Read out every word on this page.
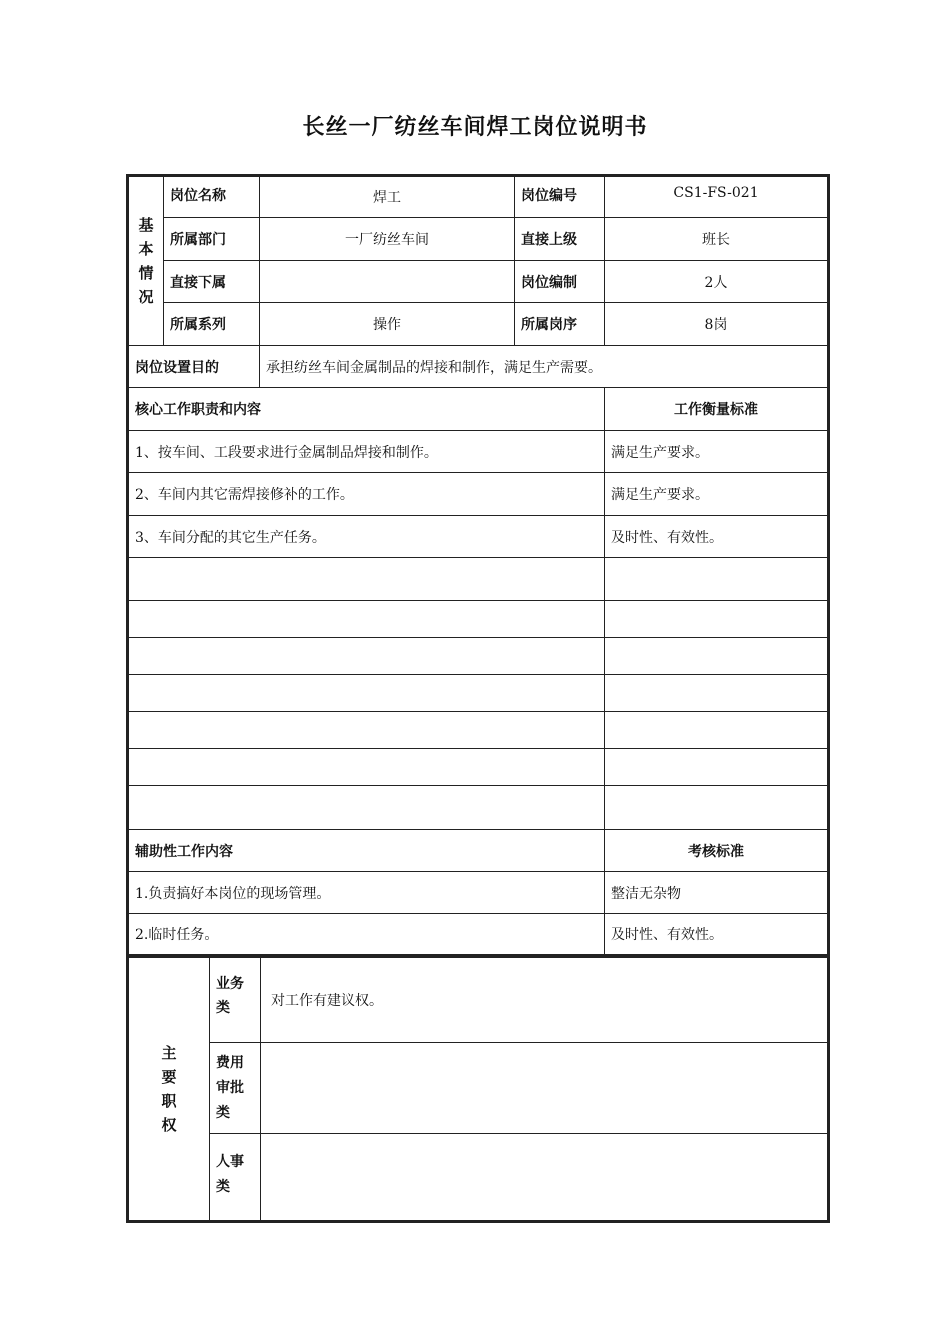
长丝一厂纺丝车间焊工岗位说明书
基
本
情
况	岗位名称	焊工	岗位编号	CS1-FS-021
	所属部门	一厂纺丝车间	直接上级	班长
	直接下属		岗位编制	2人
	所属系列	操作	所属岗序	8岗
岗位设置目的		承担纺丝车间金属制品的焊接和制作，满足生产需要。		
核心工作职责和内容				工作衡量标准
1、按车间、工段要求进行金属制品焊接和制作。				满足生产要求。
2、车间内其它需焊接修补的工作。				满足生产要求。
3、车间分配的其它生产任务。				及时性、有效性。

辅助性工作内容				考核标准
1.负责搞好本岗位的现场管理。				整洁无杂物
2.临时任务。				及时性、有效性。
主
要
职
权	业务
类	对工作有建议权。
	费用
审批
类	
	人事
类	
